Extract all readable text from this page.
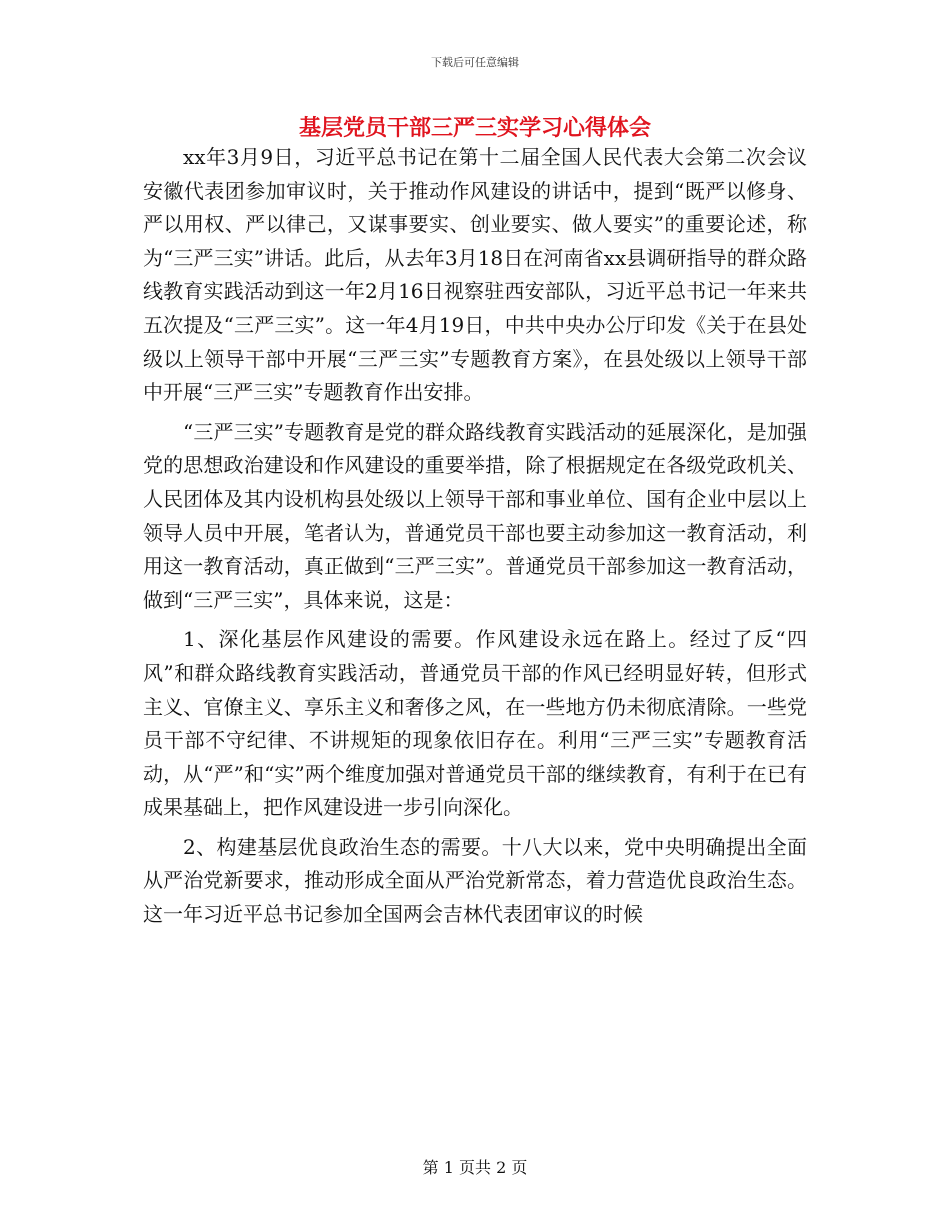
下载后可任意编辑
基层党员干部三严三实学习心得体会

xx年3月9日，习近平总书记在第十二届全国人民代表大会第二次会议安徽代表团参加审议时，关于推动作风建设的讲话中，提到“既严以修身、严以用权、严以律己，又谋事要实、创业要实、做人要实”的重要论述，称为“三严三实”讲话。此后，从去年3月18日在河南省xx县调研指导的群众路线教育实践活动到这一年2月16日视察驻西安部队，习近平总书记一年来共五次提及“三严三实”。这一年4月19日，中共中央办公厅印发《关于在县处级以上领导干部中开展“三严三实”专题教育方案》，在县处级以上领导干部中开展“三严三实”专题教育作出安排。

“三严三实”专题教育是党的群众路线教育实践活动的延展深化，是加强党的思想政治建设和作风建设的重要举措，除了根据规定在各级党政机关、人民团体及其内设机构县处级以上领导干部和事业单位、国有企业中层以上领导人员中开展，笔者认为，普通党员干部也要主动参加这一教育活动，利用这一教育活动，真正做到“三严三实”。普通党员干部参加这一教育活动，做到“三严三实”，具体来说，这是：

1、深化基层作风建设的需要。作风建设永远在路上。经过了反“四风”和群众路线教育实践活动，普通党员干部的作风已经明显好转，但形式主义、官僚主义、享乐主义和奢侈之风，在一些地方仍未彻底清除。一些党员干部不守纪律、不讲规矩的现象依旧存在。利用“三严三实”专题教育活动，从“严”和“实”两个维度加强对普通党员干部的继续教育，有利于在已有成果基础上，把作风建设进一步引向深化。

2、构建基层优良政治生态的需要。十八大以来，党中央明确提出全面从严治党新要求，推动形成全面从严治党新常态，着力营造优良政治生态。这一年习近平总书记参加全国两会吉林代表团审议的时候

第 1 页共 2 页
